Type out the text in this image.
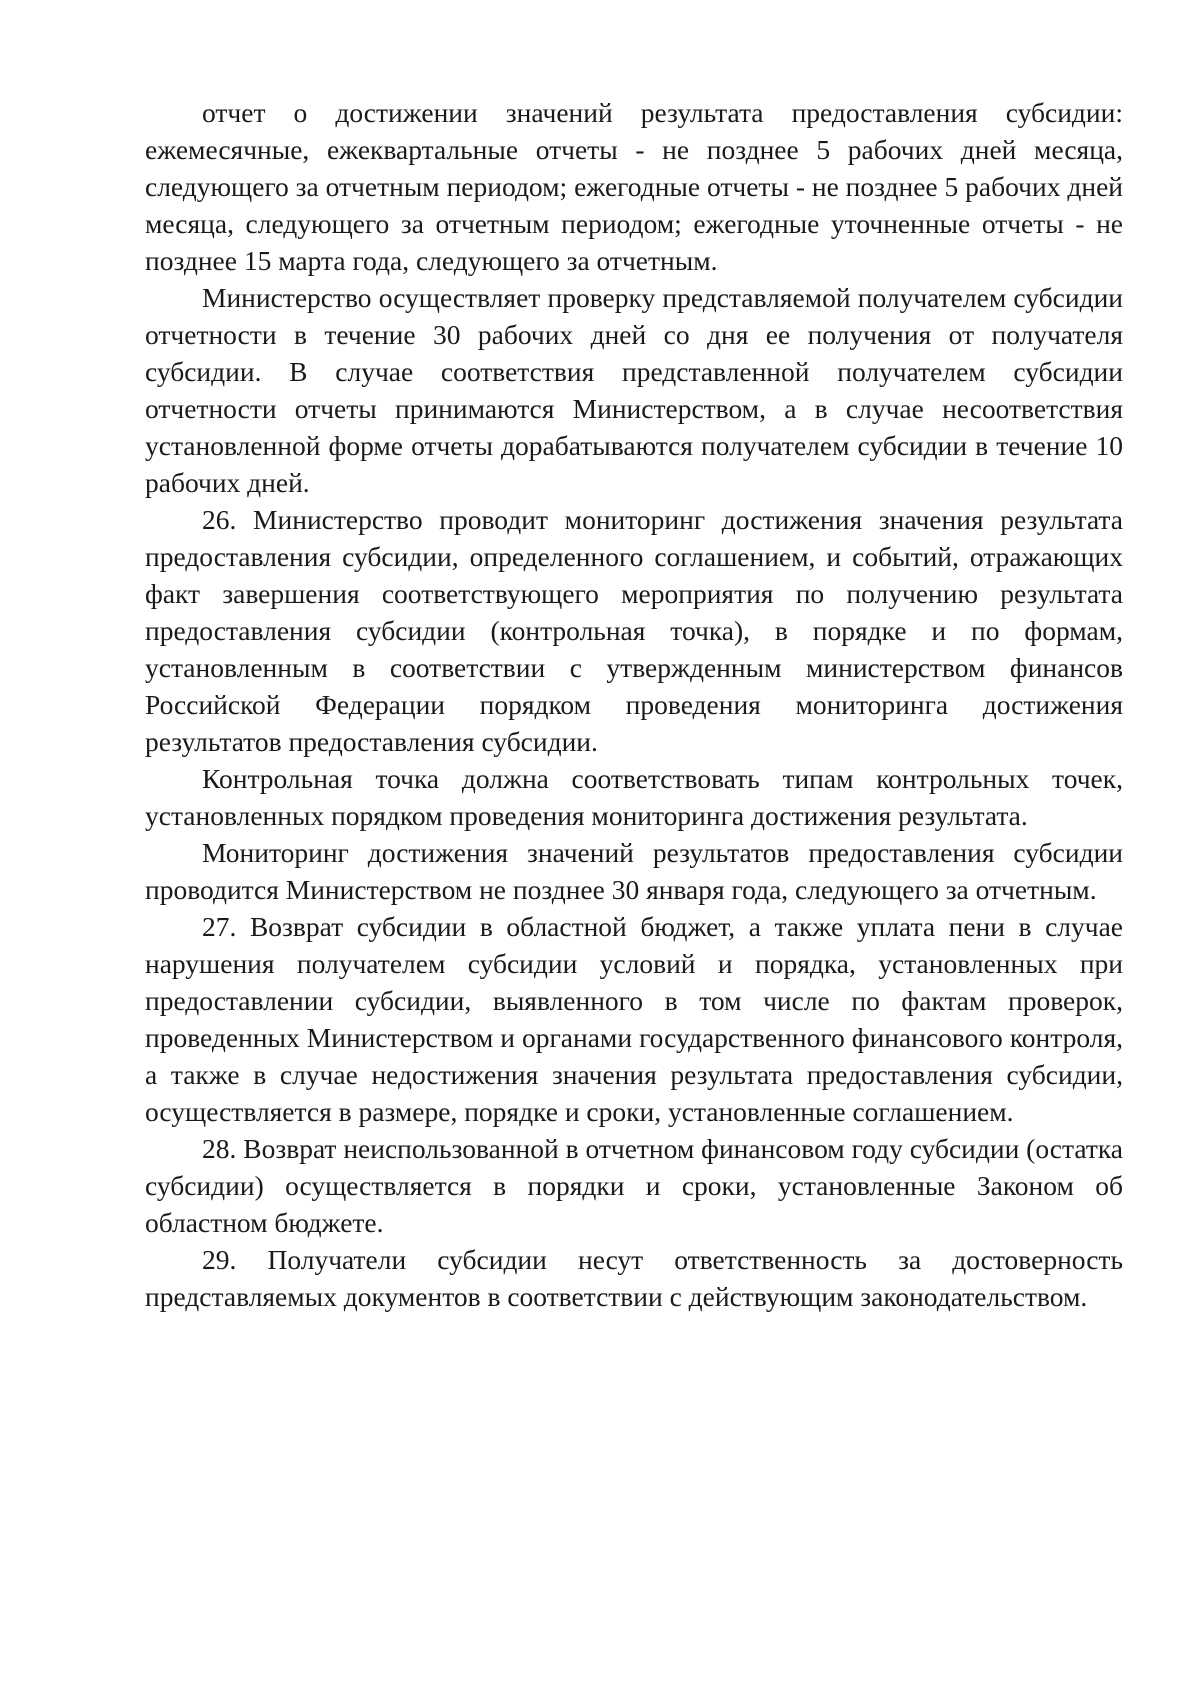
отчет о достижении значений результата предоставления субсидии: ежемесячные, ежеквартальные отчеты - не позднее 5 рабочих дней месяца, следующего за отчетным периодом; ежегодные отчеты - не позднее 5 рабочих дней месяца, следующего за отчетным периодом; ежегодные уточненные отчеты - не позднее 15 марта года, следующего за отчетным.

Министерство осуществляет проверку представляемой получателем субсидии отчетности в течение 30 рабочих дней со дня ее получения от получателя субсидии. В случае соответствия представленной получателем субсидии отчетности отчеты принимаются Министерством, а в случае несоответствия установленной форме отчеты дорабатываются получателем субсидии в течение 10 рабочих дней.

26. Министерство проводит мониторинг достижения значения результата предоставления субсидии, определенного соглашением, и событий, отражающих факт завершения соответствующего мероприятия по получению результата предоставления субсидии (контрольная точка), в порядке и по формам, установленным в соответствии с утвержденным министерством финансов Российской Федерации порядком проведения мониторинга достижения результатов предоставления субсидии.

Контрольная точка должна соответствовать типам контрольных точек, установленных порядком проведения мониторинга достижения результата.

Мониторинг достижения значений результатов предоставления субсидии проводится Министерством не позднее 30 января года, следующего за отчетным.

27. Возврат субсидии в областной бюджет, а также уплата пени в случае нарушения получателем субсидии условий и порядка, установленных при предоставлении субсидии, выявленного в том числе по фактам проверок, проведенных Министерством и органами государственного финансового контроля, а также в случае недостижения значения результата предоставления субсидии, осуществляется в размере, порядке и сроки, установленные соглашением.

28. Возврат неиспользованной в отчетном финансовом году субсидии (остатка субсидии) осуществляется в порядки и сроки, установленные Законом об областном бюджете.

29. Получатели субсидии несут ответственность за достоверность представляемых документов в соответствии с действующим законодательством.
